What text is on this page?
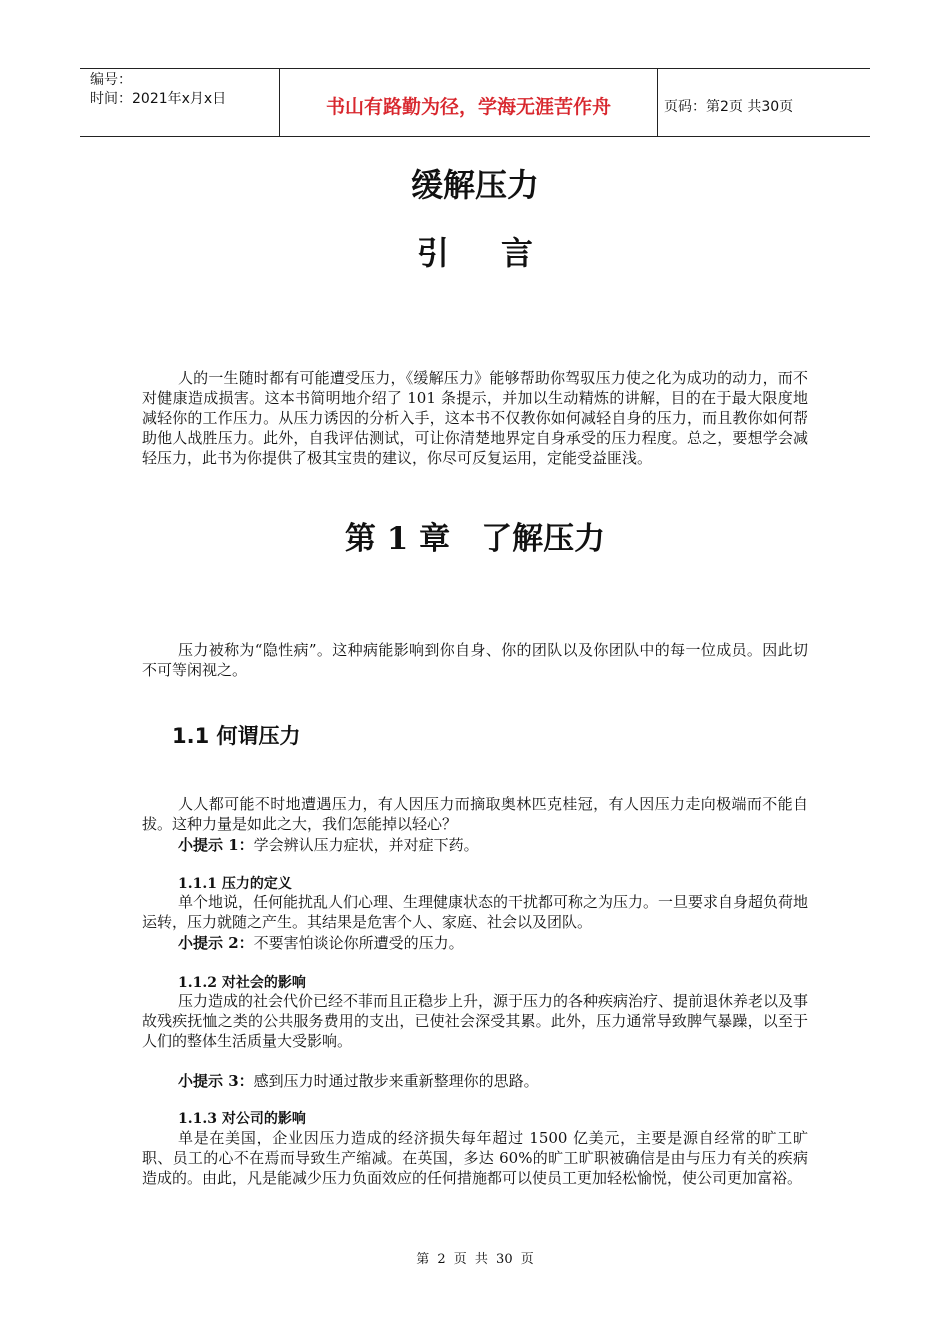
编号：
时间：2021年x月x日	书山有路勤为径，学海无涯苦作舟	页码：第2页 共30页
缓解压力
引 言

人的一生随时都有可能遭受压力，《缓解压力》能够帮助你驾驭压力使之化为成功的动力，而不对健康造成损害。这本书简明地介绍了 101 条提示，并加以生动精炼的讲解，目的在于最大限度地减轻你的工作压力。从压力诱因的分析入手，这本书不仅教你如何减轻自身的压力，而且教你如何帮助他人战胜压力。此外，自我评估测试，可让你清楚地界定自身承受的压力程度。总之，要想学会减轻压力，此书为你提供了极其宝贵的建议，你尽可反复运用，定能受益匪浅。

第 1 章　了解压力

压力被称为“隐性病”。这种病能影响到你自身、你的团队以及你团队中的每一位成员。因此切不可等闲视之。

1.1 何谓压力

人人都可能不时地遭遇压力，有人因压力而摘取奥林匹克桂冠，有人因压力走向极端而不能自拔。这种力量是如此之大，我们怎能掉以轻心？

小提示 1：学会辨认压力症状，并对症下药。

1.1.1 压力的定义

单个地说，任何能扰乱人们心理、生理健康状态的干扰都可称之为压力。一旦要求自身超负荷地运转，压力就随之产生。其结果是危害个人、家庭、社会以及团队。

小提示 2：不要害怕谈论你所遭受的压力。

1.1.2 对社会的影响

压力造成的社会代价已经不菲而且正稳步上升，源于压力的各种疾病治疗、提前退休养老以及事故残疾抚恤之类的公共服务费用的支出，已使社会深受其累。此外，压力通常导致脾气暴躁，以至于人们的整体生活质量大受影响。

小提示 3：感到压力时通过散步来重新整理你的思路。

1.1.3 对公司的影响

单是在美国，企业因压力造成的经济损失每年超过 1500 亿美元，主要是源自经常的旷工旷职、员工的心不在焉而导致生产缩减。在英国，多达 60%的旷工旷职被确信是由与压力有关的疾病造成的。由此，凡是能减少压力负面效应的任何措施都可以使员工更加轻松愉悦，使公司更加富裕。

第 2 页 共 30 页
